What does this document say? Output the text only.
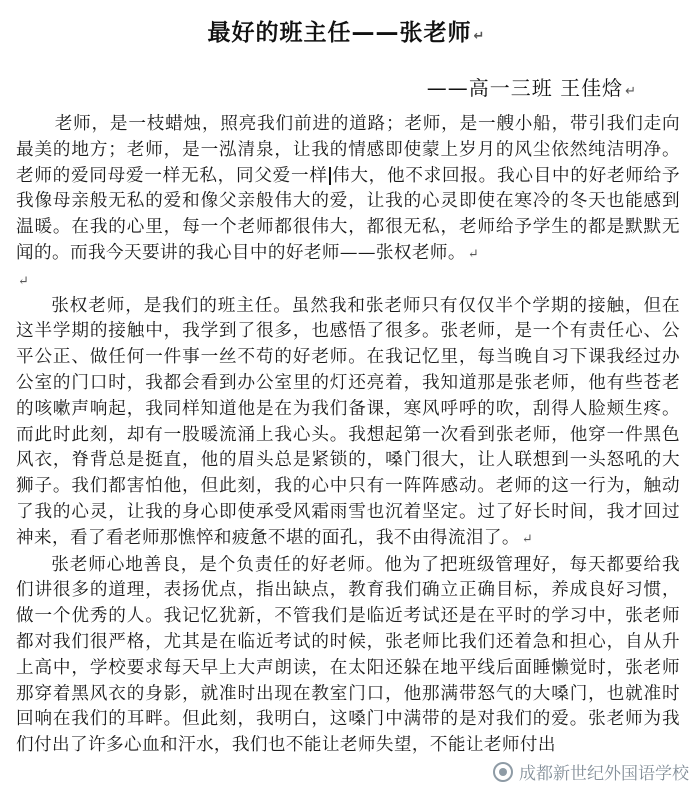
最好的班主任——张老师 ↵
——高一三班 王佳焓 ↵

老师，是一枝蜡烛，照亮我们前进的道路；老师，是一艘小船，带引我们走向最美的地方；老师，是一泓清泉，让我的情感即使蒙上岁月的风尘依然纯洁明净。老师的爱同母爱一样无私，同父爱一样 伟大，他不求回报。我心目中的好老师给予我像母亲般无私的爱和像父亲般伟大的爱，让我的心灵即使在寒冷的冬天也能感到温暖。在我的心里，每一个老师都很伟大，都很无私，老师给予学生的都是默默无闻的。而我今天要讲的我心目中的好老师——张权老师。 ↵

↵

张权老师，是我们的班主任。虽然我和张老师只有仅仅半个学期的接触，但在这半学期的接触中，我学到了很多，也感悟了很多。张老师，是一个有责任心、公平公正、做任何一件事一丝不苟的好老师。在我记忆里，每当晚自习下课我经过办公室的门口时，我都会看到办公室里的灯还亮着，我知道那是张老师，他有些苍老的咳嗽声响起，我同样知道他是在为我们备课，寒风呼呼的吹，刮得人脸颊生疼。而此时此刻，却有一股暖流涌上我心头。我想起第一次看到张老师，他穿一件黑色风衣，脊背总是挺直，他的眉头总是紧锁的，嗓门很大，让人联想到一头怒吼的大狮子。我们都害怕他，但此刻，我的心中只有一阵阵感动。老师的这一行为，触动了我的心灵，让我的身心即使承受风霜雨雪也沉着坚定。过了好长时间，我才回过神来，看了看老师那憔悴和疲惫不堪的面孔，我不由得流泪了。 ↵

张老师心地善良，是个负责任的好老师。他为了把班级管理好，每天都要给我们讲很多的道理，表扬优点，指出缺点，教育我们确立正确目标，养成良好习惯，做一个优秀的人。我记忆犹新，不管我们是临近考试还是在平时的学习中，张老师都对我们很严格，尤其是在临近考试的时候，张老师比我们还着急和担心，自从升上高中，学校要求每天早上大声朗读，在太阳还躲在地平线后面睡懒觉时，张老师那穿着黑风衣的身影，就准时出现在教室门口，他那满带怒气的大嗓门，也就准时回响在我们的耳畔。但此刻，我明白，这嗓门中满带的是对我们的爱。张老师为我们付出了许多心血和汗水，我们也不能让老师失望，不能让老师付出

成都新世纪外国语学校
